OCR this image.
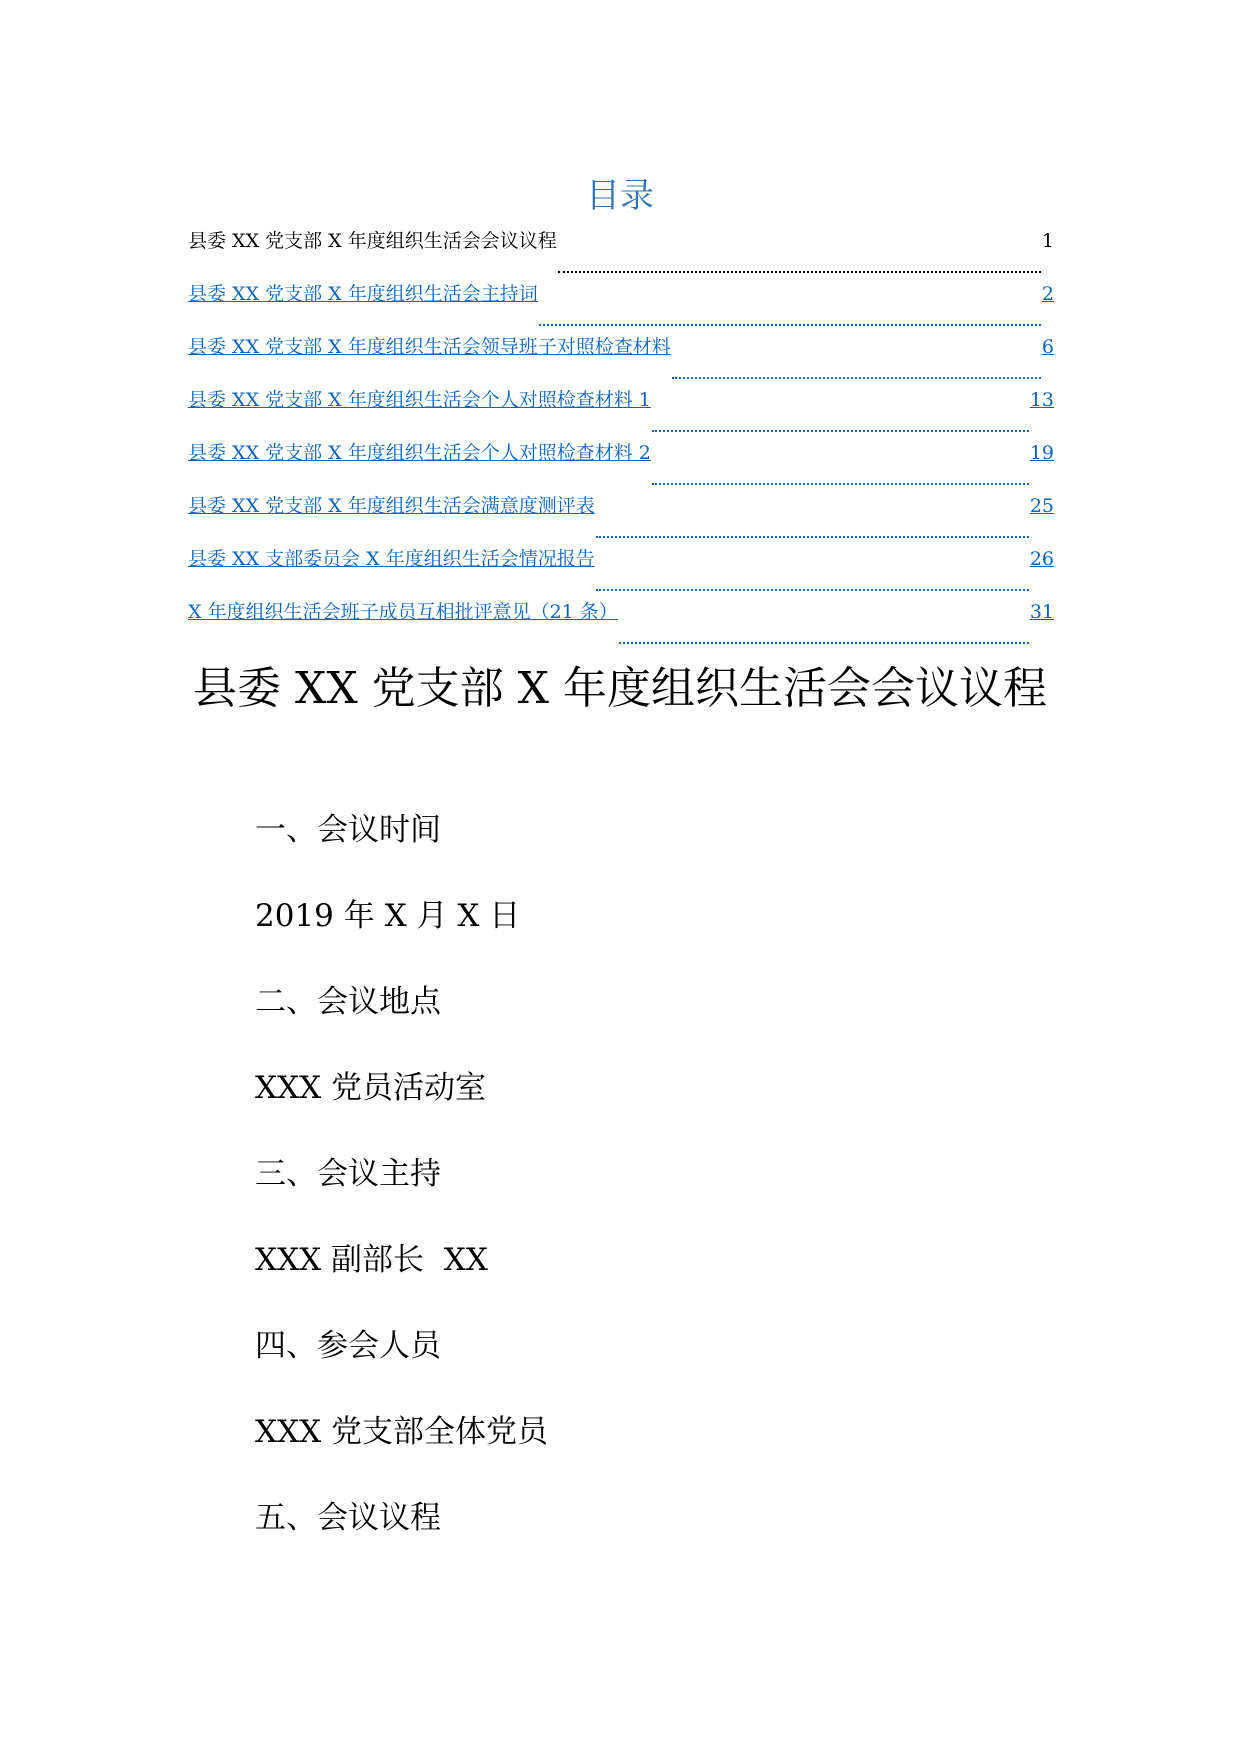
目录
县委 XX 党支部 X 年度组织生活会会议议程	1
县委 XX 党支部 X 年度组织生活会主持词	2
县委 XX 党支部 X 年度组织生活会领导班子对照检查材料	6
县委 XX 党支部 X 年度组织生活会个人对照检查材料 1	13
县委 XX 党支部 X 年度组织生活会个人对照检查材料 2	19
县委 XX 党支部 X 年度组织生活会满意度测评表	25
县委 XX 支部委员会 X 年度组织生活会情况报告	26
X 年度组织生活会班子成员互相批评意见（21 条）	31
县委 XX 党支部 X 年度组织生活会会议议程

一、会议时间

2019 年 X 月 X 日

二、会议地点

XXX 党员活动室

三、会议主持

XXX 副部长  XX

四、参会人员

XXX 党支部全体党员

五、会议议程
